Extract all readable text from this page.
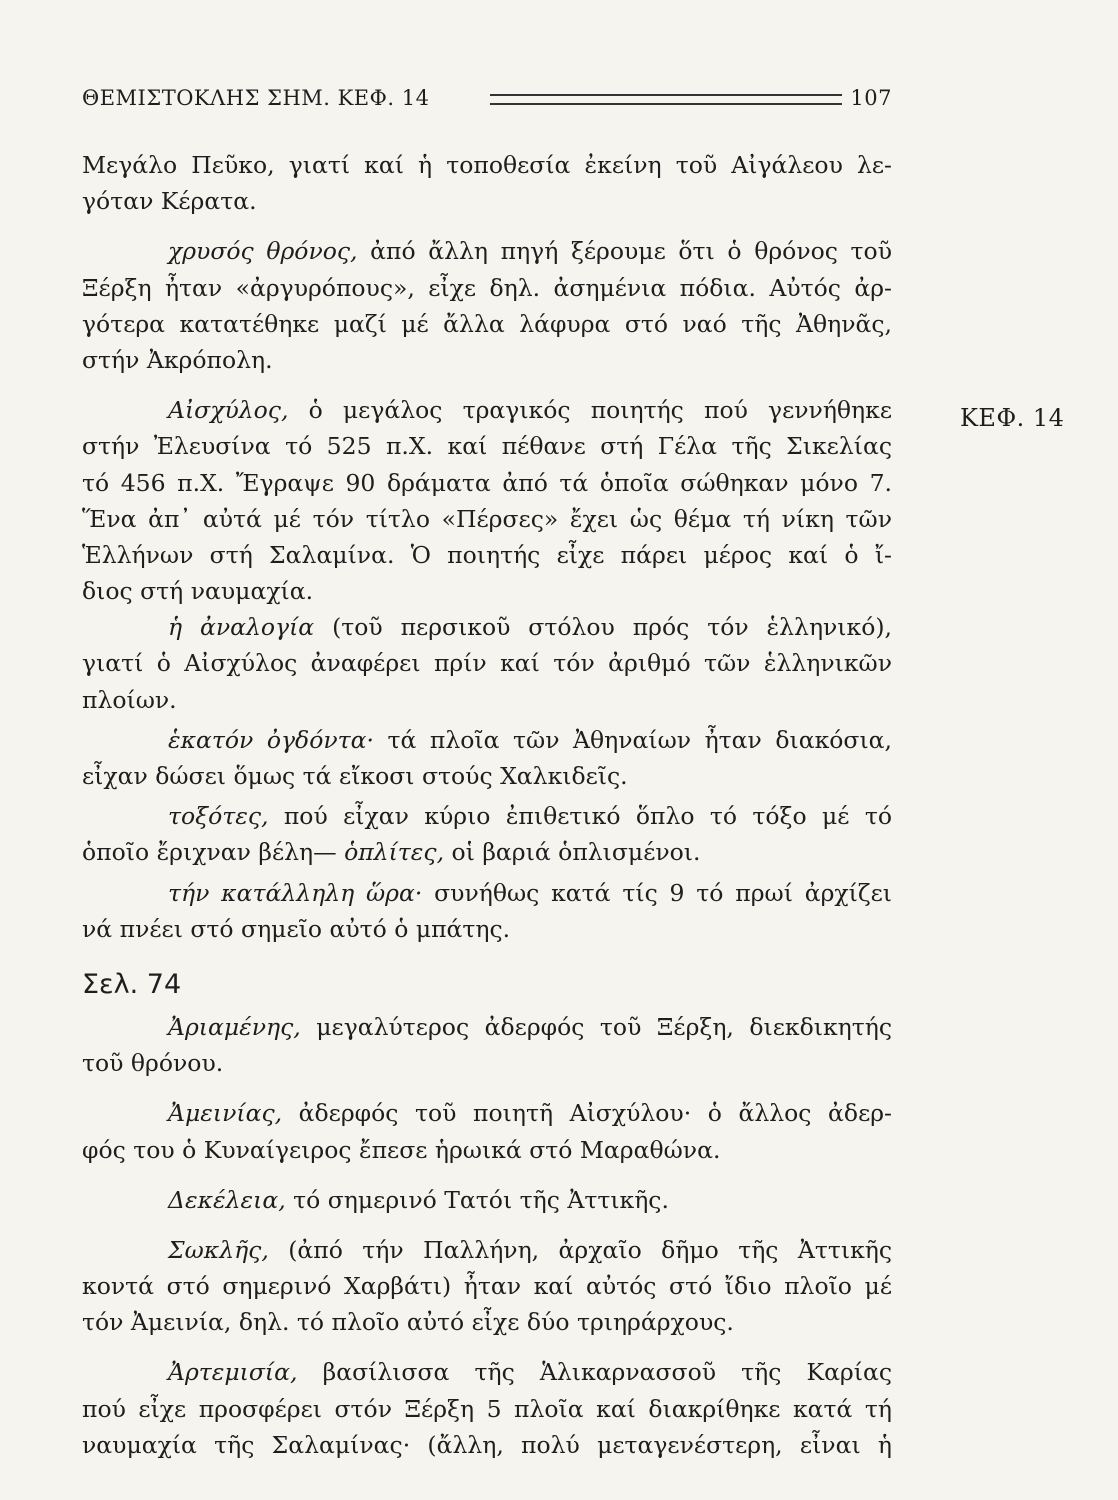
ΘΕΜΙΣΤΟΚΛΗΣ ΣΗΜ. ΚΕΦ. 14	107
ΚΕΦ. 14
Μεγάλο Πεῦκο, γιατί καί ἡ τοποθεσία ἐκείνη τοῦ Αἰγάλεου λε-
γόταν Κέρατα.
χρυσός θρόνος, ἀπό ἄλλη πηγή ξέρουμε ὅτι ὁ θρόνος τοῦ
Ξέρξη ἦταν «ἀργυρόπους», εἶχε δηλ. ἀσημένια πόδια. Αὐτός ἀρ-
γότερα κατατέθηκε μαζί μέ ἄλλα λάφυρα στό ναό τῆς Ἀθηνᾶς,
στήν Ἀκρόπολη.
Αἰσχύλος, ὁ μεγάλος τραγικός ποιητής πού γεννήθηκε
στήν Ἐλευσίνα τό 525 π.Χ. καί πέθανε στή Γέλα τῆς Σικελίας
τό 456 π.Χ. Ἔγραψε 90 δράματα ἀπό τά ὁποῖα σώθηκαν μόνο 7.
Ἕνα ἀπ᾽ αὐτά μέ τόν τίτλο «Πέρσες» ἔχει ὡς θέμα τή νίκη τῶν
Ἑλλήνων στή Σαλαμίνα. Ὁ ποιητής εἶχε πάρει μέρος καί ὁ ἴ-
διος στή ναυμαχία.
ἡ ἀναλογία (τοῦ περσικοῦ στόλου πρός τόν ἑλληνικό),
γιατί ὁ Αἰσχύλος ἀναφέρει πρίν καί τόν ἀριθμό τῶν ἑλληνικῶν
πλοίων.
ἑκατόν ὀγδόντα· τά πλοῖα τῶν Ἀθηναίων ἦταν διακόσια,
εἶχαν δώσει ὅμως τά εἴκοσι στούς Χαλκιδεῖς.
τοξότες, πού εἶχαν κύριο ἐπιθετικό ὅπλο τό τόξο μέ τό
ὁποῖο ἔριχναν βέλη— ὁπλίτες, οἱ βαριά ὁπλισμένοι.
τήν κατάλληλη ὥρα· συνήθως κατά τίς 9 τό πρωί ἀρχίζει
νά πνέει στό σημεῖο αὐτό ὁ μπάτης.
Σελ. 74
Ἀριαμένης, μεγαλύτερος ἀδερφός τοῦ Ξέρξη, διεκδικητής
τοῦ θρόνου.
Ἀμεινίας, ἀδερφός τοῦ ποιητῆ Αἰσχύλου· ὁ ἄλλος ἀδερ-
φός του ὁ Κυναίγειρος ἔπεσε ἡρωικά στό Μαραθώνα.
Δεκέλεια, τό σημερινό Τατόι τῆς Ἀττικῆς.
Σωκλῆς, (ἀπό τήν Παλλήνη, ἀρχαῖο δῆμο τῆς Ἀττικῆς
κοντά στό σημερινό Χαρβάτι) ἦταν καί αὐτός στό ἴδιο πλοῖο μέ
τόν Ἀμεινία, δηλ. τό πλοῖο αὐτό εἶχε δύο τριηράρχους.
Ἀρτεμισία, βασίλισσα τῆς Ἁλικαρνασσοῦ τῆς Καρίας
πού εἶχε προσφέρει στόν Ξέρξη 5 πλοῖα καί διακρίθηκε κατά τή
ναυμαχία τῆς Σαλαμίνας· (ἄλλη, πολύ μεταγενέστερη, εἶναι ἡ
